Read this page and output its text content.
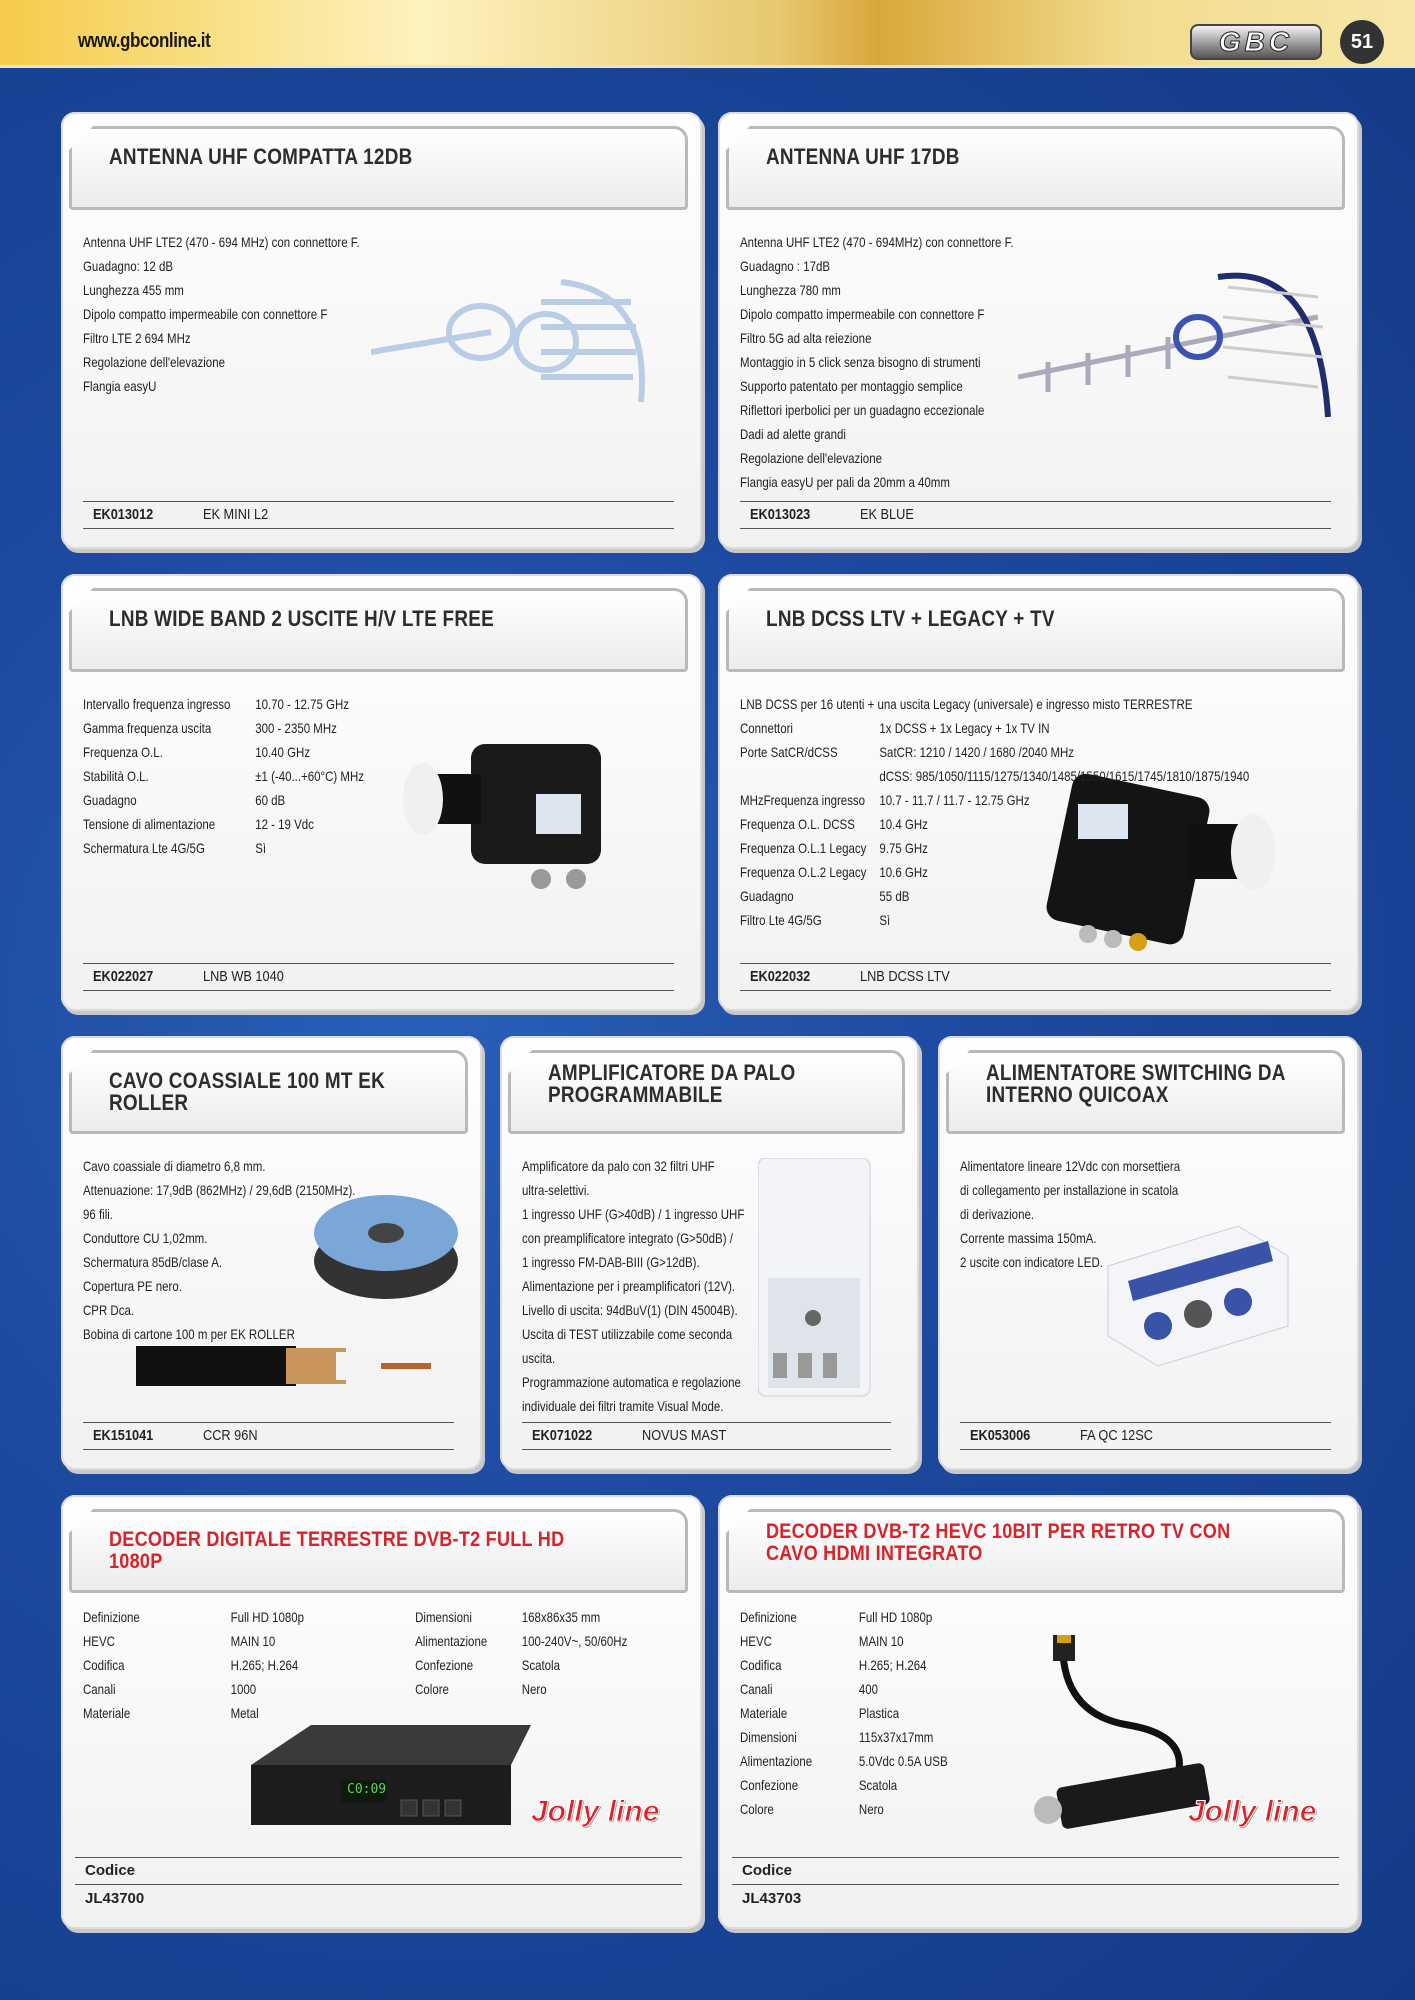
www.gbconline.it	GBC	51
ANTENNA UHF COMPATTA 12DB
Antenna UHF LTE2 (470 - 694 MHz) con connettore F.
Guadagno: 12 dB
Lunghezza 455 mm
Dipolo compatto impermeabile con connettore F
Filtro LTE 2 694 MHz
Regolazione dell'elevazione
Flangia easyU
EK013012	EK MINI L2
ANTENNA UHF 17DB
Antenna UHF LTE2 (470 - 694MHz) con connettore F.
Guadagno : 17dB
Lunghezza 780 mm
Dipolo compatto impermeabile con connettore F
Filtro 5G ad alta reiezione
Montaggio in 5 click senza bisogno di strumenti
Supporto patentato per montaggio semplice
Riflettori iperbolici per un guadagno eccezionale
Dadi ad alette grandi
Regolazione dell'elevazione
Flangia easyU per pali da 20mm a 40mm
EK013023	EK BLUE
LNB WIDE BAND 2 USCITE H/V LTE FREE
Intervallo frequenza ingresso	10.70 - 12.75 GHz
Gamma frequenza uscita	300 - 2350 MHz
Frequenza O.L.	10.40 GHz
Stabilità O.L.	±1 (-40...+60°C) MHz
Guadagno	60 dB
Tensione di alimentazione	12 - 19 Vdc
Schermatura Lte 4G/5G	Sì
EK022027	LNB WB 1040
LNB DCSS LTV + LEGACY + TV
LNB DCSS per 16 utenti + una uscita Legacy (universale) e ingresso misto TERRESTRE
Connettori	1x DCSS + 1x Legacy + 1x TV IN
Porte SatCR/dCSS	SatCR: 1210 / 1420 / 1680 /2040 MHz
dCSS: 985/1050/1115/1275/1340/1485/1550/1615/1745/1810/1875/1940
MHzFrequenza ingresso	10.7 - 11.7 / 11.7 - 12.75 GHz
Frequenza O.L. DCSS	10.4 GHz
Frequenza O.L.1 Legacy 9.75 GHz
Frequenza O.L.2 Legacy 10.6 GHz
Guadagno	55 dB
Filtro Lte 4G/5G	Sì
EK022032	LNB DCSS LTV
CAVO COASSIALE 100 MT EK ROLLER
Cavo coassiale di diametro 6,8 mm.
Attenuazione: 17,9dB (862MHz) / 29,6dB (2150MHz).
96 fili.
Conduttore CU 1,02mm.
Schermatura 85dB/clase A.
Copertura PE nero.
CPR Dca.
Bobina di cartone 100 m per EK ROLLER
EK151041	CCR 96N
AMPLIFICATORE DA PALO PROGRAMMABILE
Amplificatore da palo con 32 filtri UHF
ultra-selettivi.
1 ingresso UHF (G>40dB) / 1 ingresso UHF
con preamplificatore integrato (G>50dB) /
1 ingresso FM-DAB-BIII (G>12dB).
Alimentazione per i preamplificatori (12V).
Livello di uscita: 94dBuV(1) (DIN 45004B).
Uscita di TEST utilizzabile come seconda
uscita.
Programmazione automatica e regolazione
individuale dei filtri tramite Visual Mode.
EK071022	NOVUS MAST
ALIMENTATORE SWITCHING DA INTERNO QUICOAX
Alimentatore lineare 12Vdc con morsettiera
di collegamento per installazione in scatola
di derivazione.
Corrente massima 150mA.
2 uscite con indicatore LED.
EK053006	FA QC 12SC
C0:09
Jolly line
DECODER DIGITALE TERRESTRE DVB-T2 FULL HD 1080P
Definizione	Full HD 1080p
HEVC	MAIN 10
Codifica	H.265; H.264
Canali	1000
Materiale	Metal
Dimensioni	168x86x35 mm
Alimentazione	100-240V~, 50/60Hz
Confezione	Scatola
Colore	Nero
Codice
JL43700
Jolly line
DECODER DVB-T2 HEVC 10BIT PER RETRO TV CON CAVO HDMI INTEGRATO
Definizione	Full HD 1080p
HEVC	MAIN 10
Codifica	H.265; H.264
Canali	400
Materiale	Plastica
Dimensioni	115x37x17mm
Alimentazione	5.0Vdc 0.5A USB
Confezione	Scatola
Colore	Nero
Codice
JL43703
